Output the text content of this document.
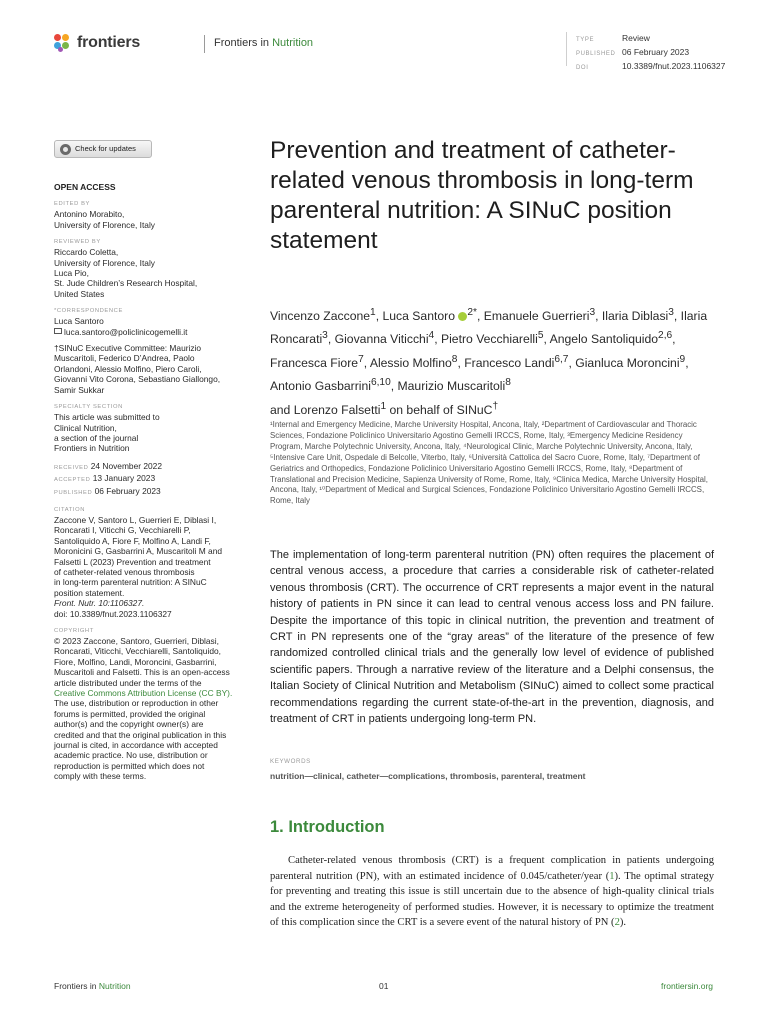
frontiers	Frontiers in Nutrition	TYPE	Review
PUBLISHED 06 February 2023
DOI	10.3389/fnut.2023.1106327
Check for updates
OPEN ACCESS
EDITED BY
Antonino Morabito,
University of Florence, Italy
REVIEWED BY
Riccardo Coletta,
University of Florence, Italy
Luca Pio,
St. Jude Children’s Research Hospital,
United States
*CORRESPONDENCE
Luca Santoro
luca.santoro@policlinicogemelli.it
†SINuC Executive Committee: Maurizio
Muscaritoli, Federico D’Andrea, Paolo
Orlandoni, Alessio Molfino, Piero Caroli,
Giovanni Vito Corona, Sebastiano Giallongo,
Samir Sukkar
SPECIALTY SECTION
This article was submitted to
Clinical Nutrition,
a section of the journal
Frontiers in Nutrition
RECEIVED 24 November 2022
ACCEPTED 13 January 2023
PUBLISHED 06 February 2023
CITATION
Zaccone V, Santoro L, Guerrieri E, Diblasi I,
Roncarati I, Viticchi G, Vecchiarelli P,
Santoliquido A, Fiore F, Molfino A, Landi F,
Moronicini G, Gasbarrini A, Muscaritoli M and
Falsetti L (2023) Prevention and treatment
of catheter-related venous thrombosis
in long-term parenteral nutrition: A SINuC
position statement.
Front. Nutr. 10:1106327.
doi: 10.3389/fnut.2023.1106327
COPYRIGHT
© 2023 Zaccone, Santoro, Guerrieri, Diblasi,
Roncarati, Viticchi, Vecchiarelli, Santoliquido,
Fiore, Molfino, Landi, Moroncini, Gasbarrini,
Muscaritoli and Falsetti. This is an open-access
article distributed under the terms of the
Creative Commons Attribution License (CC BY).
The use, distribution or reproduction in other
forums is permitted, provided the original
author(s) and the copyright owner(s) are
credited and that the original publication in this
journal is cited, in accordance with accepted
academic practice. No use, distribution or
reproduction is permitted which does not
comply with these terms.
Prevention and treatment of catheter-related venous thrombosis in long-term parenteral nutrition: A SINuC position statement
Vincenzo Zaccone$^1$, Luca Santoro $^{2*}$, Emanuele Guerrieri$^3$, Ilaria Diblasi$^3$, Ilaria Roncarati$^3$, Giovanna Viticchi$^4$, Pietro Vecchiarelli$^5$, Angelo Santoliquido$^{2,6}$, Francesca Fiore$^7$, Alessio Molfino$^8$, Francesco Landi$^{6,7}$, Gianluca Moroncini$^9$, Antonio Gasbarrini$^{6,10}$, Maurizio Muscaritoli$^8$
and Lorenzo Falsetti$^1$ on behalf of SINuC†
¹Internal and Emergency Medicine, Marche University Hospital, Ancona, Italy, ²Department of Cardiovascular and Thoracic Sciences, Fondazione Policlinico Universitario Agostino Gemelli IRCCS, Rome, Italy, ³Emergency Medicine Residency Program, Marche Polytechnic University, Ancona, Italy, ⁴Neurological Clinic, Marche Polytechnic University, Ancona, Italy, ⁵Intensive Care Unit, Ospedale di Belcolle, Viterbo, Italy, ⁶Università Cattolica del Sacro Cuore, Rome, Italy, ⁷Department of Geriatrics and Orthopedics, Fondazione Policlinico Universitario Agostino Gemelli IRCCS, Rome, Italy, ⁸Department of Translational and Precision Medicine, Sapienza University of Rome, Rome, Italy, ⁹Clinica Medica, Marche University Hospital, Ancona, Italy, ¹⁰Department of Medical and Surgical Sciences, Fondazione Policlinico Universitario Agostino Gemelli IRCCS, Rome, Italy

The implementation of long-term parenteral nutrition (PN) often requires the placement of central venous access, a procedure that carries a considerable risk of catheter-related venous thrombosis (CRT). The occurrence of CRT represents a major event in the natural history of patients in PN since it can lead to central venous access loss and PN failure. Despite the importance of this topic in clinical nutrition, the prevention and treatment of CRT in PN represents one of the “gray areas” of the literature of the presence of few randomized controlled clinical trials and the generally low level of evidence of published scientific papers. Through a narrative review of the literature and a Delphi consensus, the Italian Society of Clinical Nutrition and Metabolism (SINuC) aimed to collect some practical recommendations regarding the current state-of-the-art in the prevention, diagnosis, and treatment of CRT in patients undergoing long-term PN.

KEYWORDS
nutrition—clinical, catheter—complications, thrombosis, parenteral, treatment
1. Introduction

Catheter-related venous thrombosis (CRT) is a frequent complication in patients undergoing parenteral nutrition (PN), with an estimated incidence of 0.045/catheter/year (1). The optimal strategy for preventing and treating this issue is still uncertain due to the absence of high-quality clinical trials and the extreme heterogeneity of performed studies. However, it is necessary to optimize the treatment of this complication since the CRT is a severe event of the natural history of PN (2).

Frontiers in Nutrition	01	frontiersin.org
